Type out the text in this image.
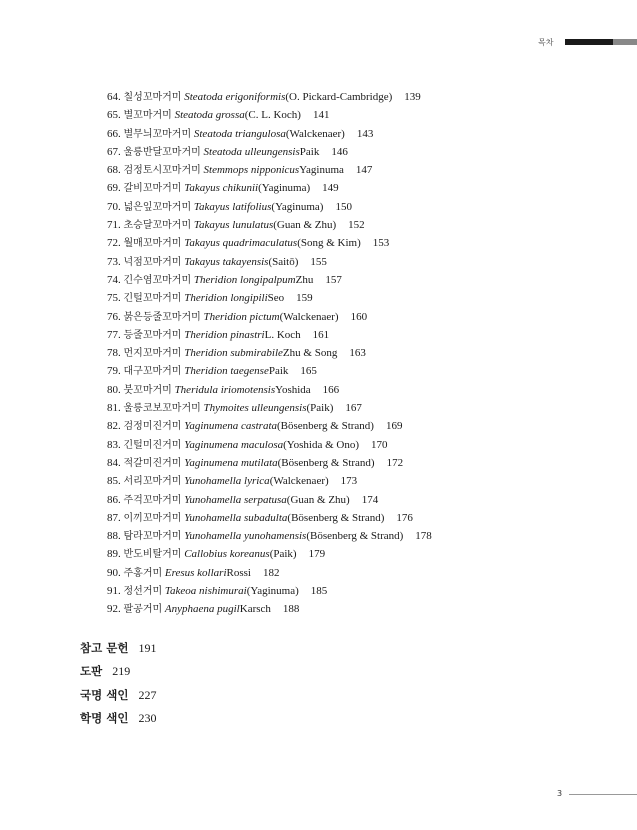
목차
64. 칠성꼬마거미 Steatoda erigoniformis(O. Pickard-Cambridge) 139
65. 별꼬마거미 Steatoda grossa(C. L. Koch) 141
66. 별무늬꼬마거미 Steatoda triangulosa(Walckenaer) 143
67. 울릉반달꼬마거미 Steatoda ulleungensisPaik 146
68. 검정토시꼬마거미 Stemmops nipponicusYaginuma 147
69. 갈비꼬마거미 Takayus chikunii(Yaginuma) 149
70. 넓은잎꼬마거미 Takayus latifolius(Yaginuma) 150
71. 초승달꼬마거미 Takayus lunulatus(Guan & Zhu) 152
72. 월매꼬마거미 Takayus quadrimaculatus(Song & Kim) 153
73. 넉점꼬마거미 Takayus takayensis(Saitō) 155
74. 긴수염꼬마거미 Theridion longipalpumZhu 157
75. 긴털꼬마거미 Theridion longipiliSeo 159
76. 붉은등줄꼬마거미 Theridion pictum(Walckenaer) 160
77. 등줄꼬마거미 Theridion pinastriL. Koch 161
78. 먼지꼬마거미 Theridion submirabileZhu & Song 163
79. 대구꼬마거미 Theridion taegensePaik 165
80. 붓꼬마거미 Theridula iriomotensisYoshida 166
81. 울릉코보꼬마거미 Thymoites ulleungensis(Paik) 167
82. 검정미진거미 Yaginumena castrata(Bösenberg & Strand) 169
83. 긴털미진거미 Yaginumena maculosa(Yoshida & Ono) 170
84. 적갈미진거미 Yaginumena mutilata(Bösenberg & Strand) 172
85. 서리꼬마거미 Yunohamella lyrica(Walckenaer) 173
86. 주걱꼬마거미 Yunohamella serpatusa(Guan & Zhu) 174
87. 이끼꼬마거미 Yunohamella subadulta(Bösenberg & Strand) 176
88. 탐라꼬마거미 Yunohamella yunohamensis(Bösenberg & Strand) 178
89. 반도비탈거미 Callobius koreanus(Paik) 179
90. 주홍거미 Eresus kollariRossi 182
91. 정선거미 Takeoa nishimurai(Yaginuma) 185
92. 팔공거미 Anyphaena pugilKarsch 188
참고 문헌 191
도판 219
국명 색인 227
학명 색인 230
3
